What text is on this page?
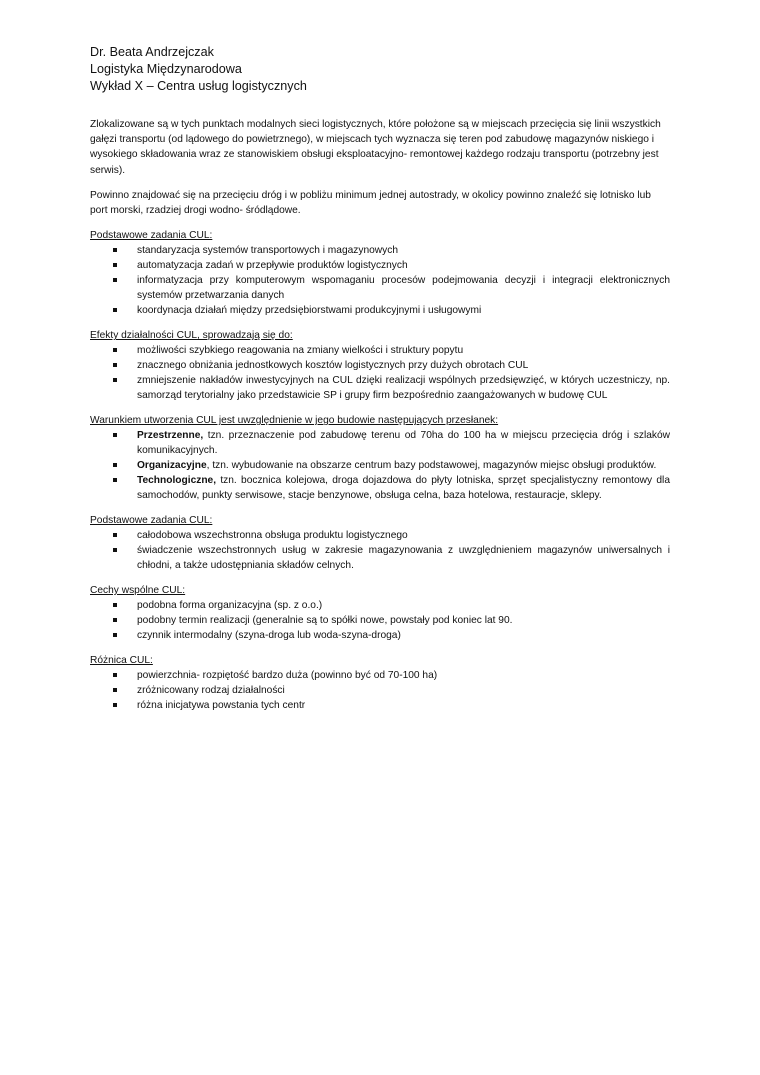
Dr. Beata Andrzejczak

Logistyka Międzynarodowa

Wykład X – Centra usług logistycznych

Zlokalizowane są w tych punktach modalnych sieci logistycznych, które położone są w miejscach przecięcia się linii wszystkich gałęzi transportu (od lądowego do powietrznego), w miejscach tych wyznacza się teren pod zabudowę magazynów niskiego i wysokiego składowania wraz ze stanowiskiem obsługi eksploatacyjno- remontowej każdego rodzaju transportu (potrzebny jest serwis).

Powinno znajdować się na przecięciu dróg i w pobliżu minimum jednej autostrady, w okolicy powinno znaleźć się lotnisko lub port morski, rzadziej drogi wodno- śródlądowe.

Podstawowe zadania CUL:

standaryzacja systemów transportowych i magazynowych
automatyzacja zadań w przepływie produktów logistycznych
informatyzacja przy komputerowym wspomaganiu procesów podejmowania decyzji i integracji elektronicznych systemów przetwarzania danych
koordynacja działań między przedsiębiorstwami produkcyjnymi i usługowymi

Efekty działalności CUL, sprowadzają się do:

możliwości szybkiego reagowania na zmiany wielkości i struktury popytu
znacznego obniżania jednostkowych kosztów logistycznych przy dużych obrotach CUL
zmniejszenie nakładów inwestycyjnych na CUL dzięki realizacji wspólnych przedsięwzięć, w których uczestniczy, np. samorząd terytorialny jako przedstawicie SP i grupy firm bezpośrednio zaangażowanych w budowę CUL

Warunkiem utworzenia CUL jest uwzględnienie w jego budowie następujących przesłanek:

Przestrzenne, tzn. przeznaczenie pod zabudowę terenu od 70ha do 100 ha w miejscu przecięcia dróg i szlaków komunikacyjnych.
Organizacyjne, tzn. wybudowanie na obszarze centrum bazy podstawowej, magazynów miejsc obsługi produktów.
Technologiczne, tzn. bocznica kolejowa, droga dojazdowa do płyty lotniska, sprzęt specjalistyczny remontowy dla samochodów, punkty serwisowe, stacje benzynowe, obsługa celna, baza hotelowa, restauracje, sklepy.

Podstawowe zadania CUL:

całodobowa wszechstronna obsługa produktu logistycznego
świadczenie wszechstronnych usług w zakresie magazynowania z uwzględnieniem magazynów uniwersalnych i chłodni, a także udostępniania składów celnych.

Cechy wspólne CUL:

podobna forma organizacyjna (sp. z o.o.)
podobny termin realizacji (generalnie są to spółki nowe, powstały pod koniec lat 90.
czynnik intermodalny (szyna-droga lub woda-szyna-droga)

Różnica CUL:

powierzchnia- rozpiętość bardzo duża (powinno być od 70-100 ha)
zróżnicowany rodzaj działalności
różna inicjatywa powstania tych centr
